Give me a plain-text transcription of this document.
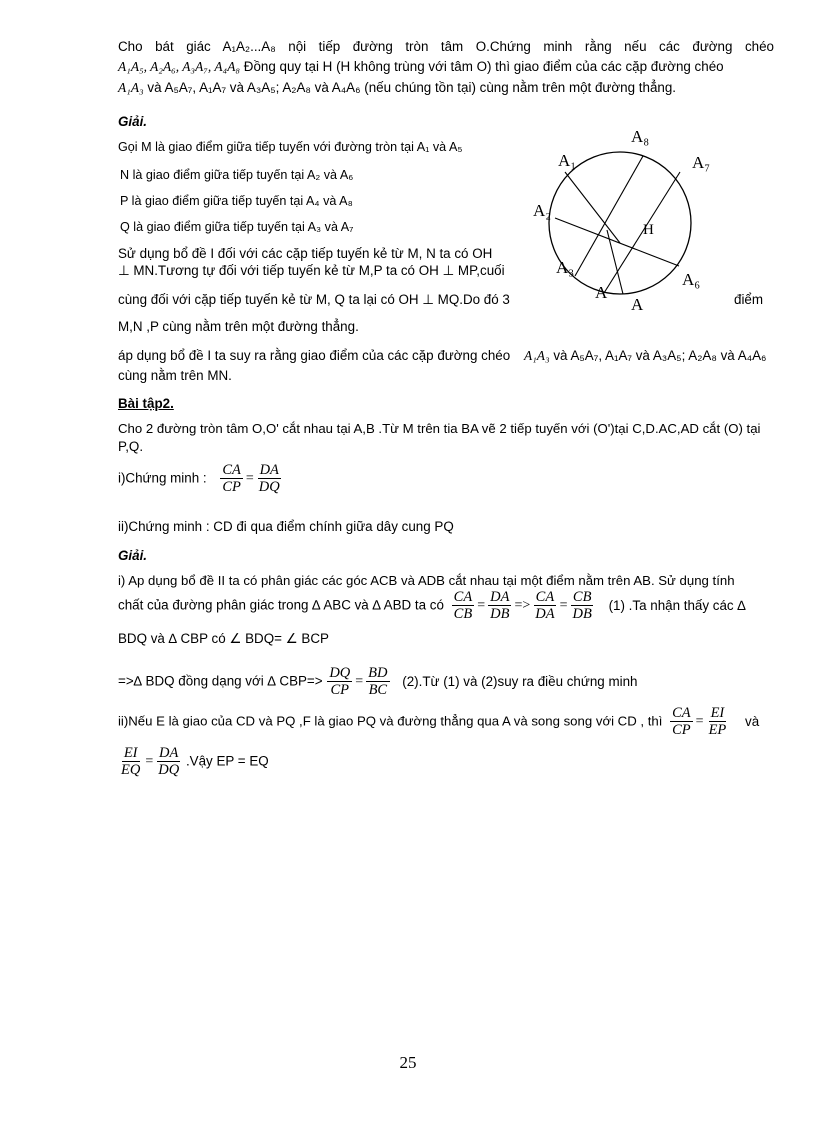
Cho bát giác A₁A₂...A₈ nội tiếp đường tròn tâm O.Chứng minh rằng nếu các đường chéo
A₁A₅, A₂A₆, A₃A₇, A₄A₈ Đồng quy tại H (H không trùng với tâm O) thì giao điểm của các cặp đường chéo
A₁A₃ và A₅A₇, A₁A₇ và A₃A₅; A₂A₈ và A₄A₆ (nếu chúng tồn tại) cùng nằm trên một đường thẳng.
Giải.
Gọi M là giao điểm giữa tiếp tuyến với đường tròn tại A₁ và A₅
N là giao điểm giữa tiếp tuyến tại A₂ và A₆
P là giao điểm giữa tiếp tuyến tại A₄ và A₈
Q là giao điểm giữa tiếp tuyến tại A₃ và A₇
Sử dụng bổ đề I đối với các cặp tiếp tuyến kẻ từ M, N ta có OH
⊥ MN.Tương tự đối với tiếp tuyến kẻ từ M,P ta có OH ⊥ MP,cuối
cùng đối với cặp tiếp tuyến kẻ từ M, Q ta lại có OH ⊥ MQ.Do đó 3	điểm
M,N ,P cùng nằm trên một đường thẳng.
áp dụng bổ đề I ta suy ra rằng giao điểm của các cặp đường chéo A₁A₃ và A₅A₇, A₁A₇ và A₃A₅; A₂A₈ và A₄A₆
cùng nằm trên MN.
A₈
A₁	A₇
A₂
H
A₃
A₆
A
A
Bài tập2.
Cho 2 đường tròn tâm O,O' cắt nhau tại A,B .Từ M trên tia BA vẽ 2 tiếp tuyến với (O')tại C,D.AC,AD cắt (O) tại
P,Q.
i)Chứng minh : $\frac{CA}{CP} = \frac{DA}{DQ}$
ii)Chứng minh : CD đi qua điểm chính giữa dây cung PQ
Giải.
i) Ap dụng bổ đề II ta có phân giác các góc ACB và ADB cắt nhau tại một điểm nằm trên AB. Sử dụng tính
chất của đường phân giác trong ∆ ABC và ∆ ABD ta có $\frac{CA}{CB} = \frac{DA}{DB} => \frac{CA}{DA} = \frac{CB}{DB} (1)$ .Ta nhận thấy các ∆
BDQ và ∆ CBP có ∠ BDQ= ∠ BCP
=>∆ BDQ đồng dạng với ∆ $CBP=> \frac{DQ}{CP} = \frac{BD}{BC}$ (2).Từ (1) và (2)suy ra điều chứng minh
ii)Nếu E là giao của CD và PQ ,F là giao PQ và đường thẳng qua A và song song với CD , thì $\frac{CA}{CP} = \frac{EI}{EP}$ và
$\frac{EI}{EQ} = \frac{DA}{DQ}$ .Vậy EP = EQ
25
